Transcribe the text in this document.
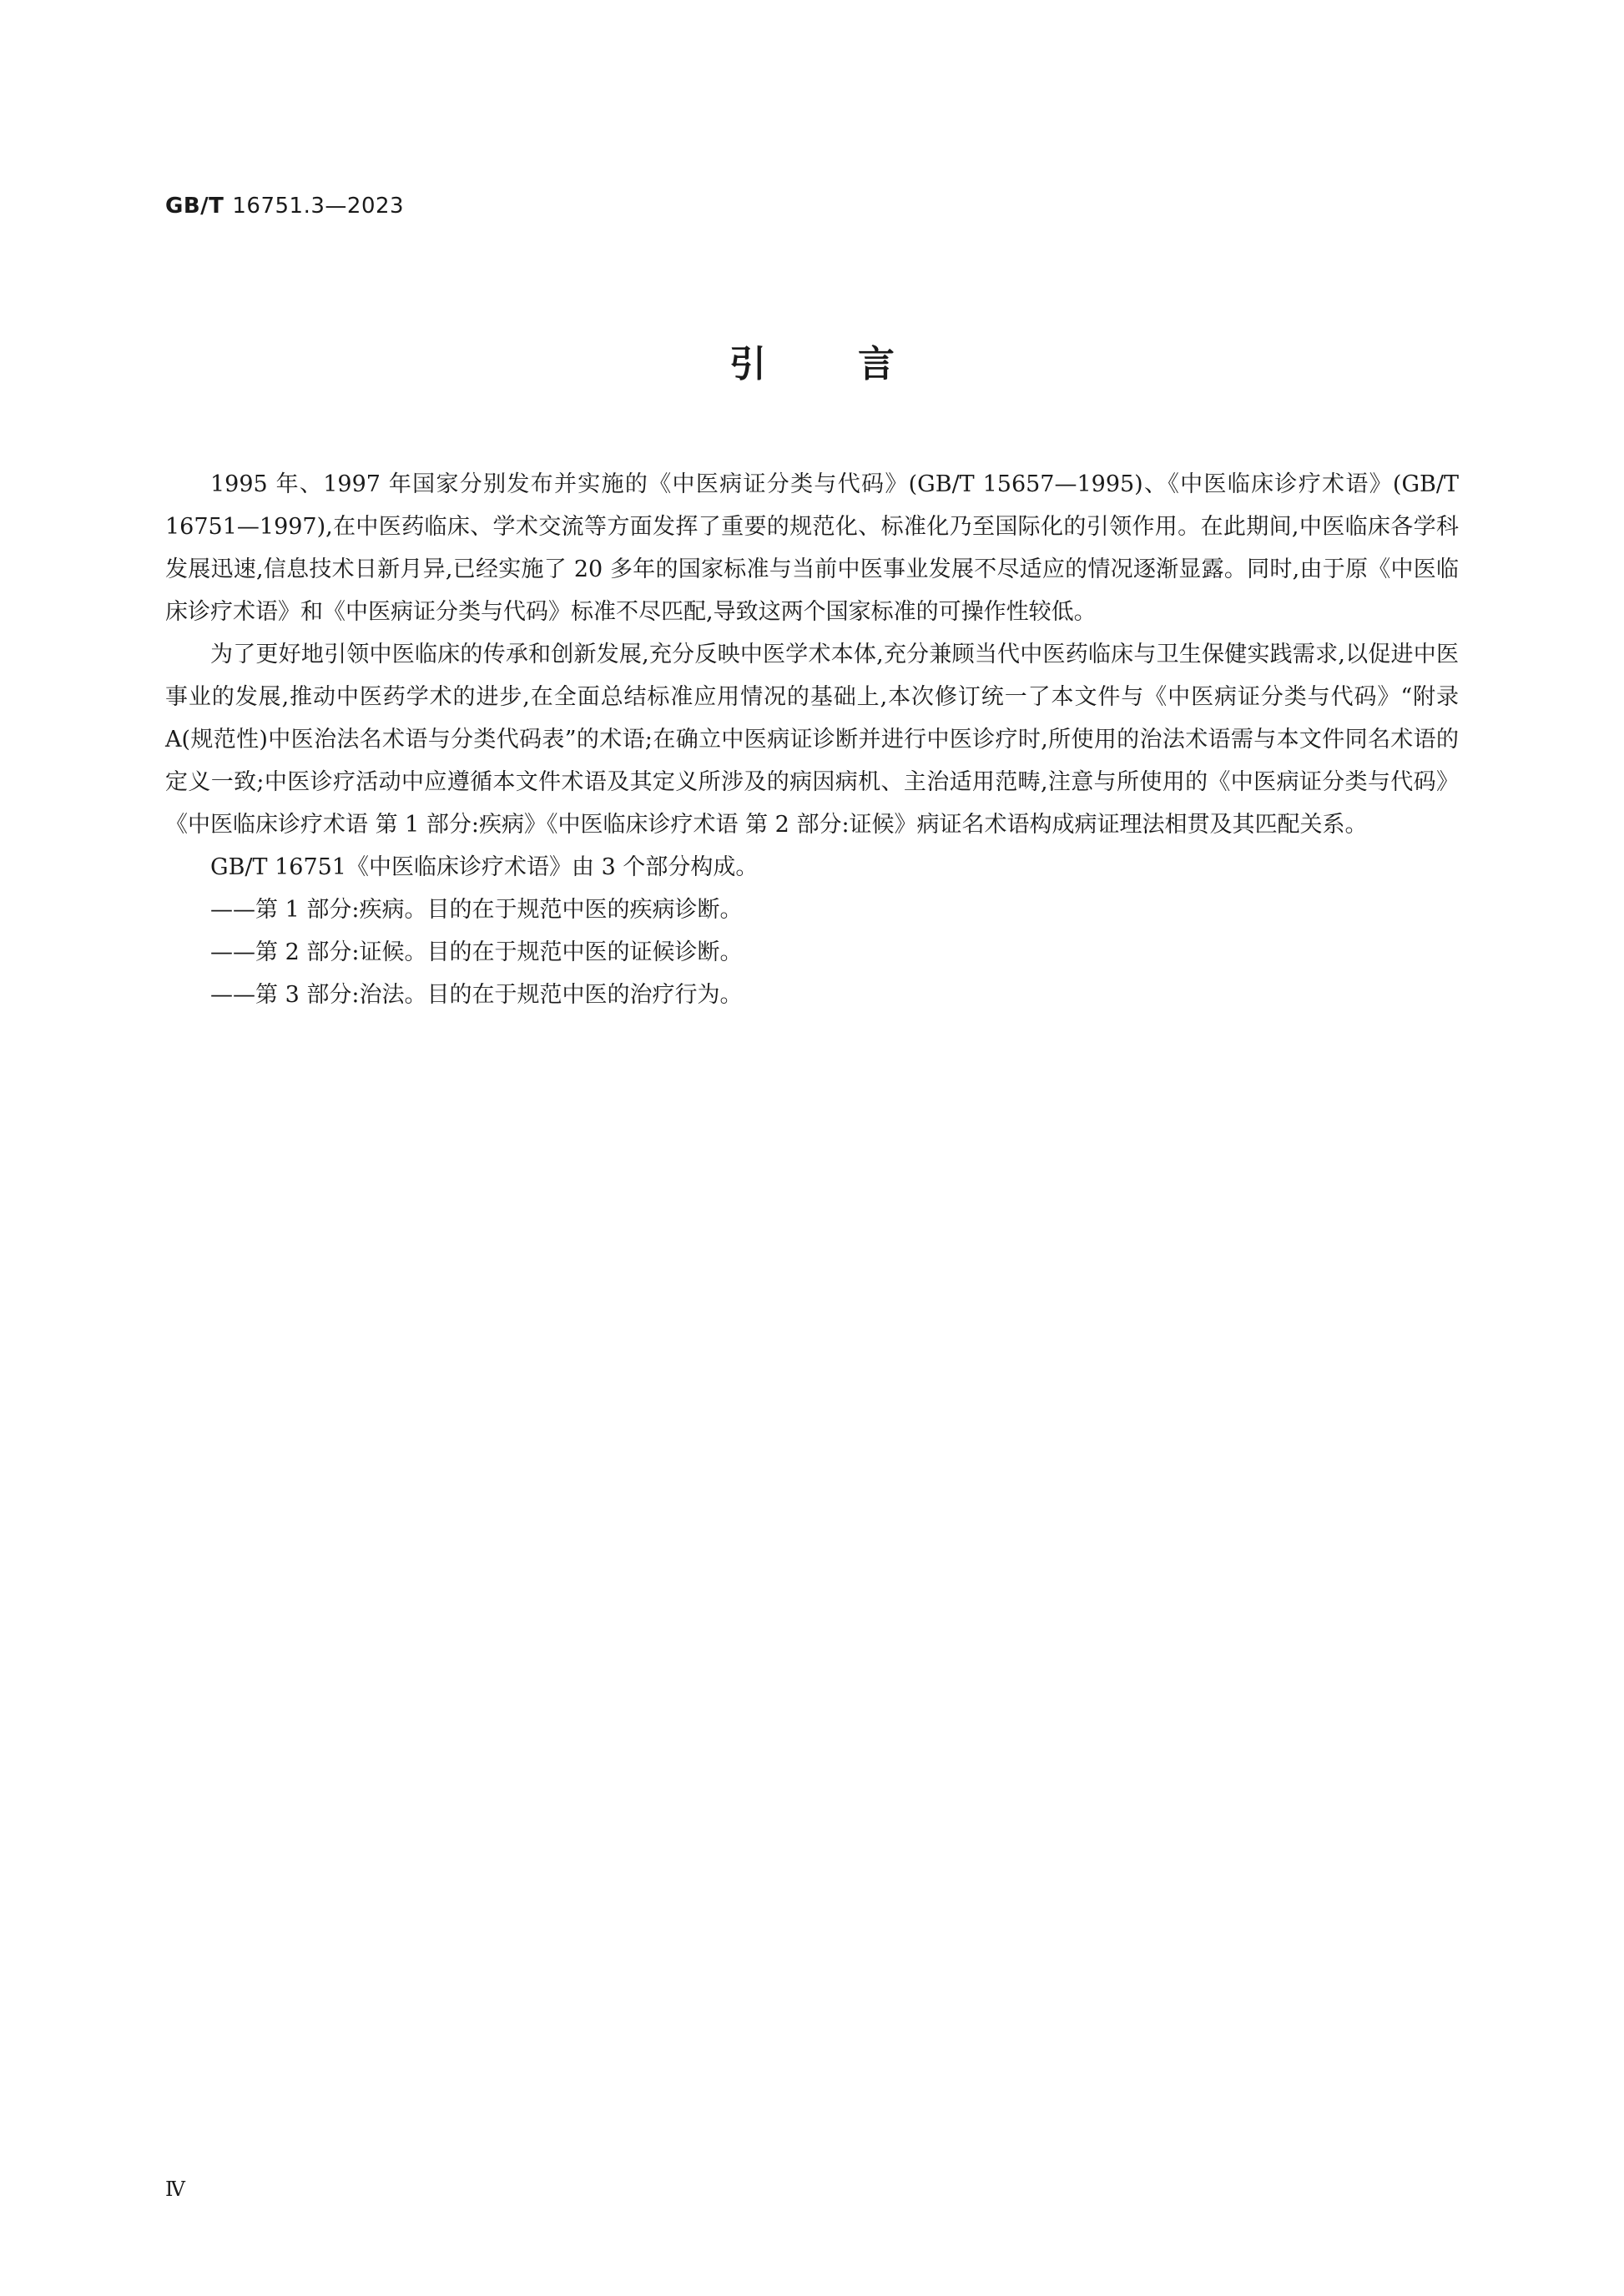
GB/T 16751.3—2023
引言

1995 年、1997 年国家分别发布并实施的《中医病证分类与代码》(GB/T 15657—1995)、《中医临床诊疗术语》(GB/T 16751—1997),在中医药临床、学术交流等方面发挥了重要的规范化、标准化乃至国际化的引领作用。在此期间,中医临床各学科发展迅速,信息技术日新月异,已经实施了 20 多年的国家标准与当前中医事业发展不尽适应的情况逐渐显露。同时,由于原《中医临床诊疗术语》和《中医病证分类与代码》标准不尽匹配,导致这两个国家标准的可操作性较低。

为了更好地引领中医临床的传承和创新发展,充分反映中医学术本体,充分兼顾当代中医药临床与卫生保健实践需求,以促进中医事业的发展,推动中医药学术的进步,在全面总结标准应用情况的基础上,本次修订统一了本文件与《中医病证分类与代码》“附录 A(规范性)中医治法名术语与分类代码表”的术语;在确立中医病证诊断并进行中医诊疗时,所使用的治法术语需与本文件同名术语的定义一致;中医诊疗活动中应遵循本文件术语及其定义所涉及的病因病机、主治适用范畴,注意与所使用的《中医病证分类与代码》《中医临床诊疗术语 第 1 部分:疾病》《中医临床诊疗术语 第 2 部分:证候》病证名术语构成病证理法相贯及其匹配关系。

GB/T 16751《中医临床诊疗术语》由 3 个部分构成。

——第 1 部分:疾病。目的在于规范中医的疾病诊断。

——第 2 部分:证候。目的在于规范中医的证候诊断。

——第 3 部分:治法。目的在于规范中医的治疗行为。

Ⅳ
